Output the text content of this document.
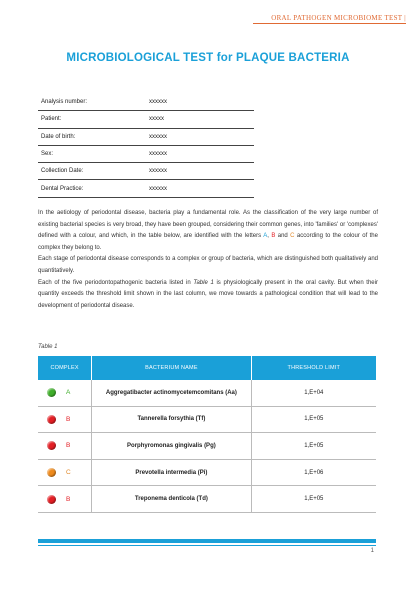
ORAL PATHOGEN MICROBIOME TEST |
MICROBIOLOGICAL TEST for PLAQUE BACTERIA
Analysis number:	xxxxxx
Patient:	xxxxx
Date of birth:	xxxxxx
Sex:	xxxxxx
Collection Date:	xxxxxx
Dental Practice:	xxxxxx

In the aetiology of periodontal disease, bacteria play a fundamental role. As the classification of the very large number of existing bacterial species is very broad, they have been grouped, considering their common genes, into 'families' or 'complexes' defined with a colour, and which, in the table below, are identified with the letters A, B and C according to the colour of the complex they belong to.

Each stage of periodontal disease corresponds to a complex or group of bacteria, which are distinguished both qualitatively and quantitatively.

Each of the five periodontopathogenic bacteria listed in Table 1 is physiologically present in the oral cavity. But when their quantity exceeds the threshold limit shown in the last column, we move towards a pathological condition that will lead to the development of periodontal disease.

Table 1
COMPLEX	BACTERIUM NAME	THRESHOLD LIMIT

A	Aggregatibacter actinomycetemcomitans (Aa)	1,E+04

B	Tannerella forsythia (Tf)	1,E+05

B	Porphyromonas gingivalis (Pg)	1,E+05

C	Prevotella intermedia (Pi)	1,E+06

B	Treponema denticola (Td)	1,E+05
1
